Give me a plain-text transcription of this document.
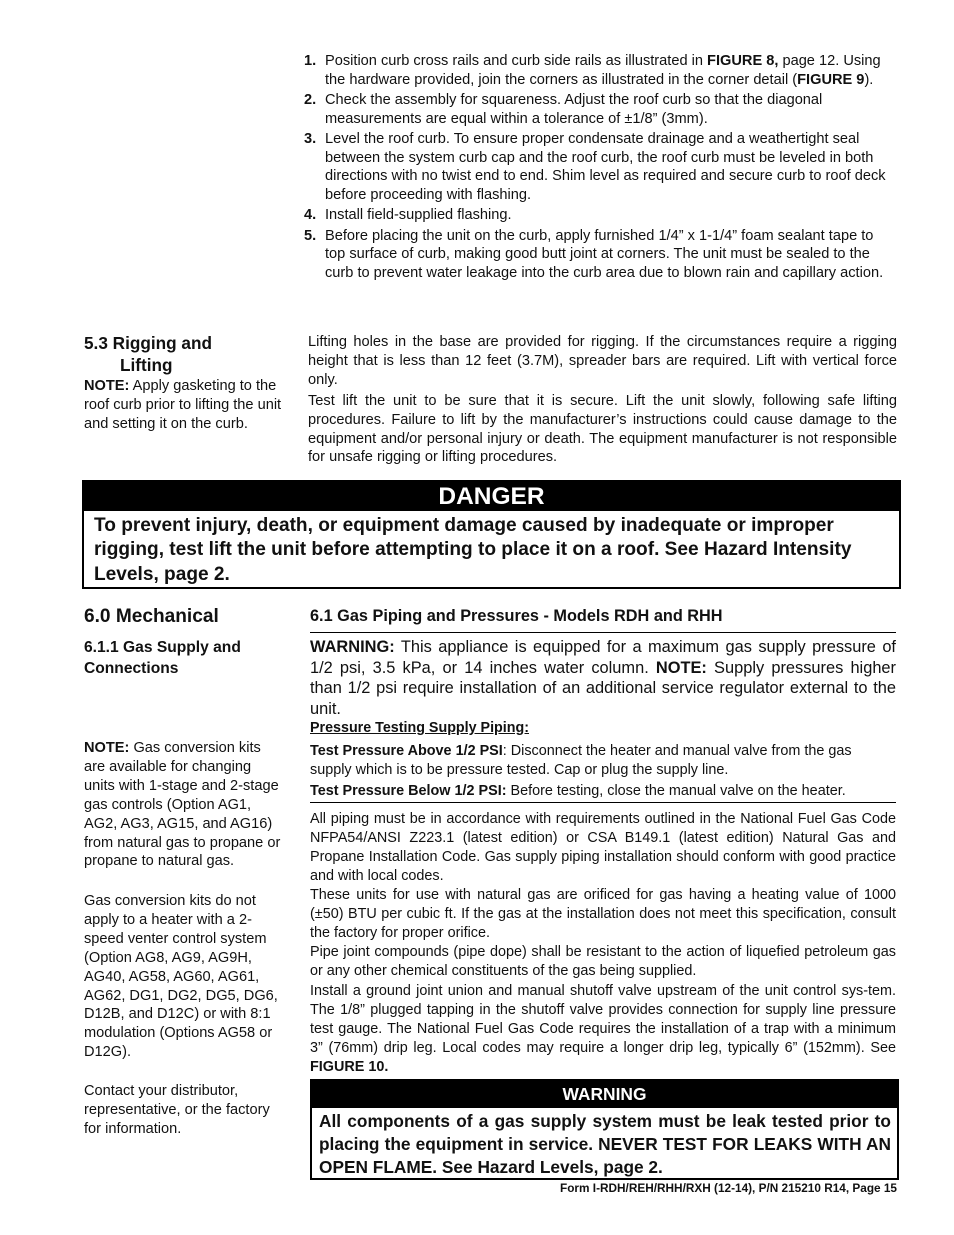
1. Position curb cross rails and curb side rails as illustrated in FIGURE 8, page 12. Using the hardware provided, join the corners as illustrated in the corner detail (FIGURE 9).
2. Check the assembly for squareness. Adjust the roof curb so that the diagonal measurements are equal within a tolerance of ±1/8” (3mm).
3. Level the roof curb. To ensure proper condensate drainage and a weathertight seal between the system curb cap and the roof curb, the roof curb must be leveled in both directions with no twist end to end. Shim level as required and secure curb to roof deck before proceeding with flashing.
4. Install field-supplied flashing.
5. Before placing the unit on the curb, apply furnished 1/4” x 1-1/4” foam sealant tape to top surface of curb, making good butt joint at corners. The unit must be sealed to the curb to prevent water leakage into the curb area due to blown rain and capillary action.
5.3 Rigging and
Lifting
NOTE: Apply gasketing to the roof curb prior to lifting the unit and setting it on the curb.
Lifting holes in the base are provided for rigging. If the circumstances require a rigging height that is less than 12 feet (3.7M), spreader bars are required. Lift with vertical force only.
Test lift the unit to be sure that it is secure. Lift the unit slowly, following safe lifting procedures. Failure to lift by the manufacturer’s instructions could cause damage to the equipment and/or personal injury or death. The equipment manufacturer is not responsible for unsafe rigging or lifting procedures.
DANGER
To prevent injury, death, or equipment damage caused by inadequate or improper rigging, test lift the unit before attempting to place it on a roof. See Hazard Intensity Levels, page 2.
6.0 Mechanical
6.1.1 Gas Supply and
Connections
NOTE: Gas conversion kits are available for changing units with 1-stage and 2-stage gas controls (Option AG1, AG2, AG3, AG15, and AG16) from natural gas to propane or propane to natural gas.
Gas conversion kits do not apply to a heater with a 2-speed venter control system (Option AG8, AG9, AG9H, AG40, AG58, AG60, AG61, AG62, DG1, DG2, DG5, DG6, D12B, and D12C) or with 8:1 modulation (Options AG58 or D12G).
Contact your distributor, representative, or the factory for information.
6.1 Gas Piping and Pressures - Models RDH and RHH
WARNING: This appliance is equipped for a maximum gas supply pressure of 1/2 psi, 3.5 kPa, or 14 inches water column. NOTE: Supply pressures higher than 1/2 psi require installation of an additional service regulator external to the unit.
Pressure Testing Supply Piping:
Test Pressure Above 1/2 PSI: Disconnect the heater and manual valve from the gas supply which is to be pressure tested. Cap or plug the supply line.
Test Pressure Below 1/2 PSI: Before testing, close the manual valve on the heater.
All piping must be in accordance with requirements outlined in the National Fuel Gas Code NFPA54/ANSI Z223.1 (latest edition) or CSA B149.1 (latest edition) Natural Gas and Propane Installation Code. Gas supply piping installation should conform with good practice and with local codes.
These units for use with natural gas are orificed for gas having a heating value of 1000 (±50) BTU per cubic ft. If the gas at the installation does not meet this specification, consult the factory for proper orifice.
Pipe joint compounds (pipe dope) shall be resistant to the action of liquefied petroleum gas or any other chemical constituents of the gas being supplied.
Install a ground joint union and manual shutoff valve upstream of the unit control sys-tem. The 1/8” plugged tapping in the shutoff valve provides connection for supply line pressure test gauge. The National Fuel Gas Code requires the installation of a trap with a minimum 3” (76mm) drip leg. Local codes may require a longer drip leg, typically 6” (152mm). See FIGURE 10.
WARNING
All components of a gas supply system must be leak tested prior to placing the equipment in service. NEVER TEST FOR LEAKS WITH AN OPEN FLAME. See Hazard Levels, page 2.
Form I-RDH/REH/RHH/RXH (12-14), P/N 215210 R14, Page 15
